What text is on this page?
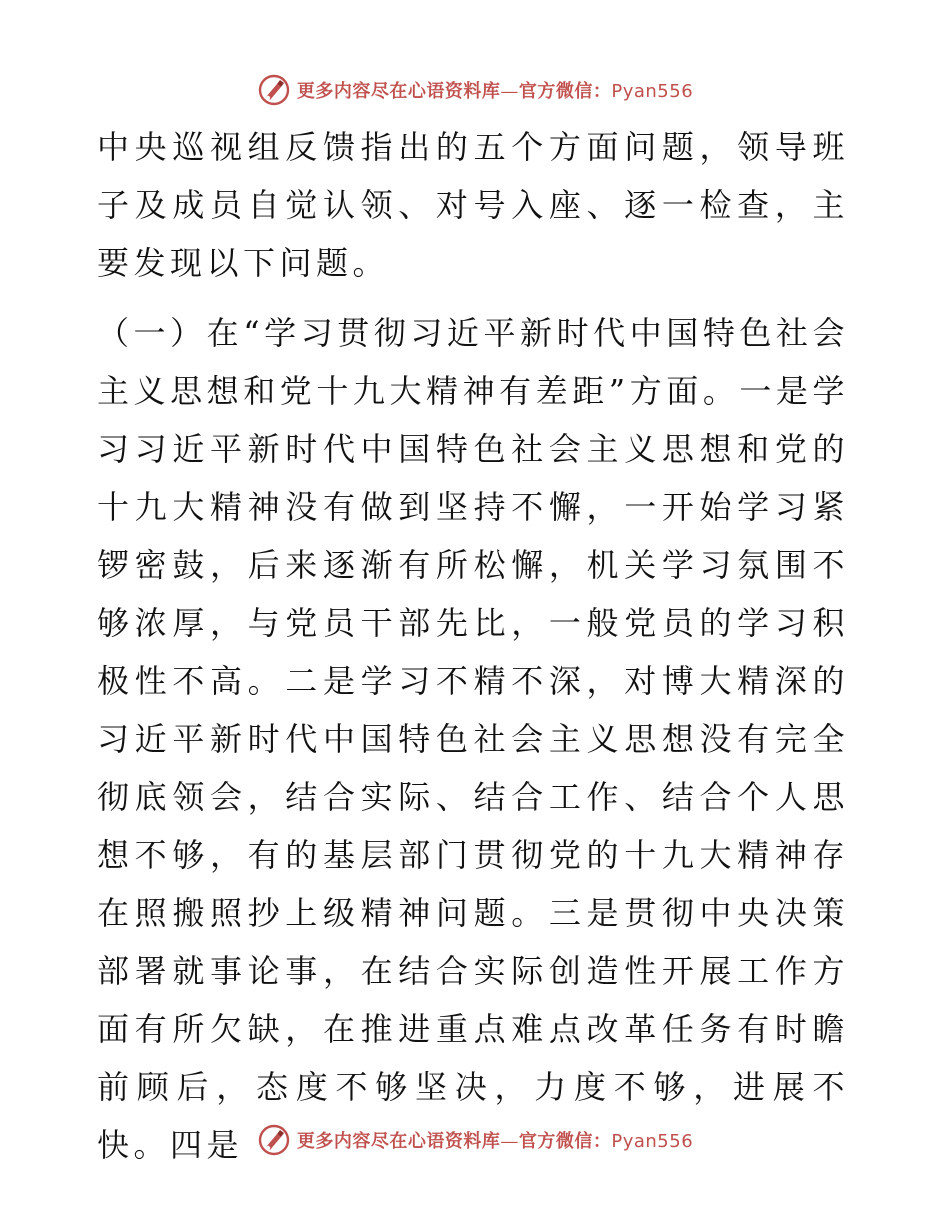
更多内容尽在心语资料库—官方微信：Pyan556

中央巡视组反馈指出的五个方面问题，领导班子及成员自觉认领、对号入座、逐一检查，主要发现以下问题。

（一）在“学习贯彻习近平新时代中国特色社会主义思想和党十九大精神有差距”方面。一是学习习近平新时代中国特色社会主义思想和党的十九大精神没有做到坚持不懈，一开始学习紧锣密鼓，后来逐渐有所松懈，机关学习氛围不够浓厚，与党员干部先比，一般党员的学习积极性不高。二是学习不精不深，对博大精深的习近平新时代中国特色社会主义思想没有完全彻底领会，结合实际、结合工作、结合个人思想不够，有的基层部门贯彻党的十九大精神存在照搬照抄上级精神问题。三是贯彻中央决策部署就事论事，在结合实际创造性开展工作方面有所欠缺，在推进重点难点改革任务有时瞻前顾后，态度不够坚决，力度不够，进展不快。四是	更多内容尽在心语资料库—官方微信：Pyan556
